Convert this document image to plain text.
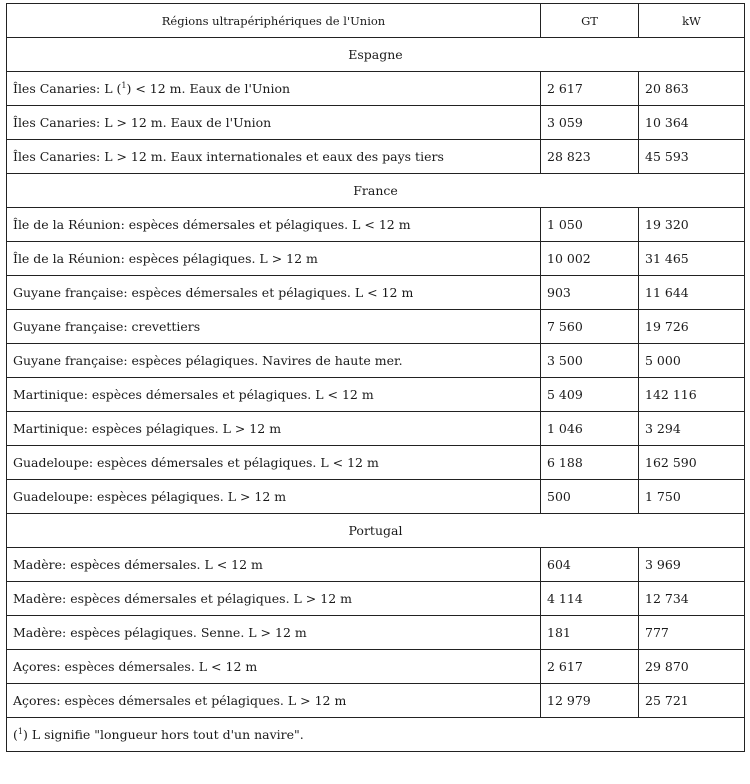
Régions ultrapériphériques de l'Union	GT	kW
Espagne		
Îles Canaries: L ($^1$) < 12 m. Eaux de l'Union	2 617	20 863
Îles Canaries: L > 12 m. Eaux de l'Union	3 059	10 364
Îles Canaries: L > 12 m. Eaux internationales et eaux des pays tiers	28 823	45 593
France		
Île de la Réunion: espèces démersales et pélagiques. L < 12 m	1 050	19 320
Île de la Réunion: espèces pélagiques. L > 12 m	10 002	31 465
Guyane française: espèces démersales et pélagiques. L < 12 m	903	11 644
Guyane française: crevettiers	7 560	19 726
Guyane française: espèces pélagiques. Navires de haute mer.	3 500	5 000
Martinique: espèces démersales et pélagiques. L < 12 m	5 409	142 116
Martinique: espèces pélagiques. L > 12 m	1 046	3 294
Guadeloupe: espèces démersales et pélagiques. L < 12 m	6 188	162 590
Guadeloupe: espèces pélagiques. L > 12 m	500	1 750
Portugal		
Madère: espèces démersales. L < 12 m	604	3 969
Madère: espèces démersales et pélagiques. L > 12 m	4 114	12 734
Madère: espèces pélagiques. Senne. L > 12 m	181	777
Açores: espèces démersales. L < 12 m	2 617	29 870
Açores: espèces démersales et pélagiques. L > 12 m	12 979	25 721
($^1$) L signifie "longueur hors tout d'un navire".		
